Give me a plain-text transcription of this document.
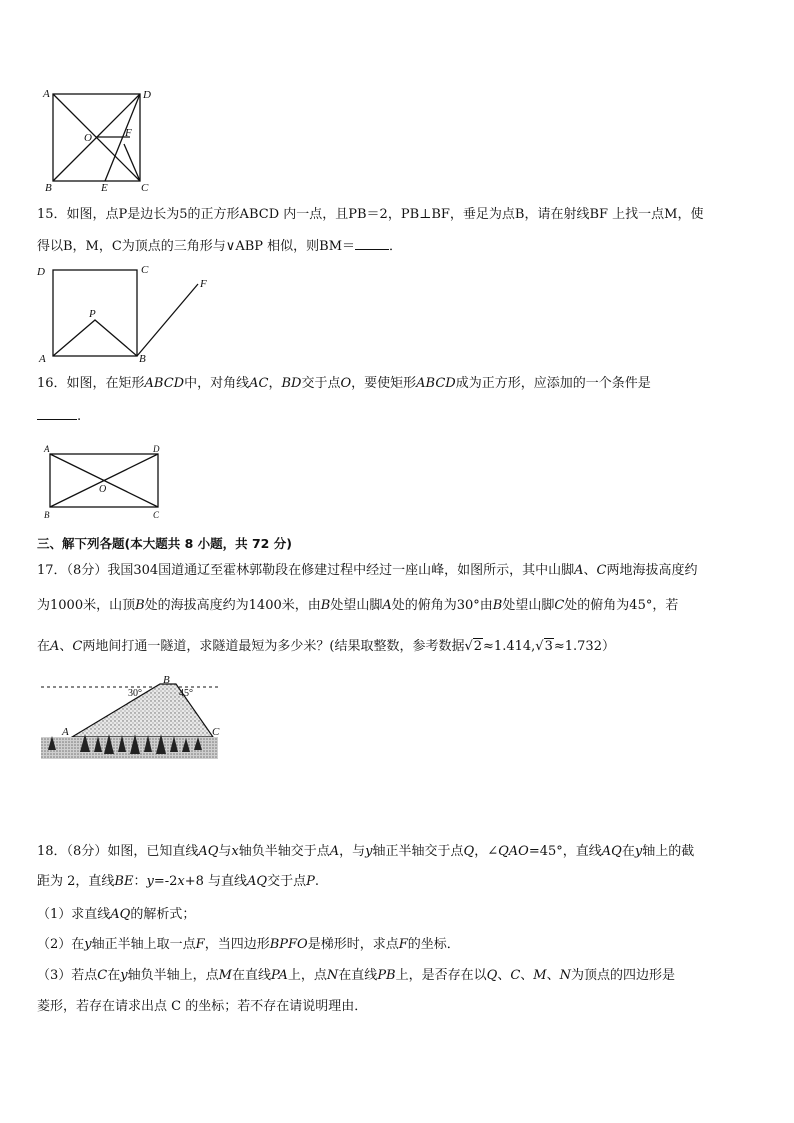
A	D
O	F
B	E	C
15．如图，点P是边长为5的正方形ABCD 内一点，且PB＝2，PB⊥BF，垂足为点B，请在射线BF 上找一点M，使
得以B，M，C为顶点的三角形与∨ABP 相似，则BM＝	．
D	C
F
P
A	B
16．如图，在矩形ABCD中，对角线AC，BD交于点O，要使矩形ABCD成为正方形，应添加的一个条件是
.
A	D
O
B	C
三、解下列各题(本大题共 8 小题，共 72 分)
17．（8分）我国304国道通辽至霍林郭勒段在修建过程中经过一座山峰，如图所示，其中山脚A、C两地海拔高度约
为1000米，山顶B处的海拔高度约为1400米，由B处望山脚A处的俯角为30°由B处望山脚C处的俯角为45°，若
在A、C两地间打通一隧道，求隧道最短为多少米？(结果取整数，参考数据√2≈1.414,√3≈1.732）
B
30°	45°
A	C
18．（8分）如图，已知直线AQ与x轴负半轴交于点A，与y轴正半轴交于点Q，∠QAO=45°，直线AQ在y轴上的截
距为 2，直线BE：y=-2x+8 与直线AQ交于点P.
（1）求直线AQ的解析式；
（2）在y轴正半轴上取一点F，当四边形BPFO是梯形时，求点F的坐标．
（3）若点C在y轴负半轴上，点M在直线PA上，点N在直线PB上，是否存在以Q、C、M、N为顶点的四边形是
菱形，若存在请求出点 C 的坐标；若不存在请说明理由．
